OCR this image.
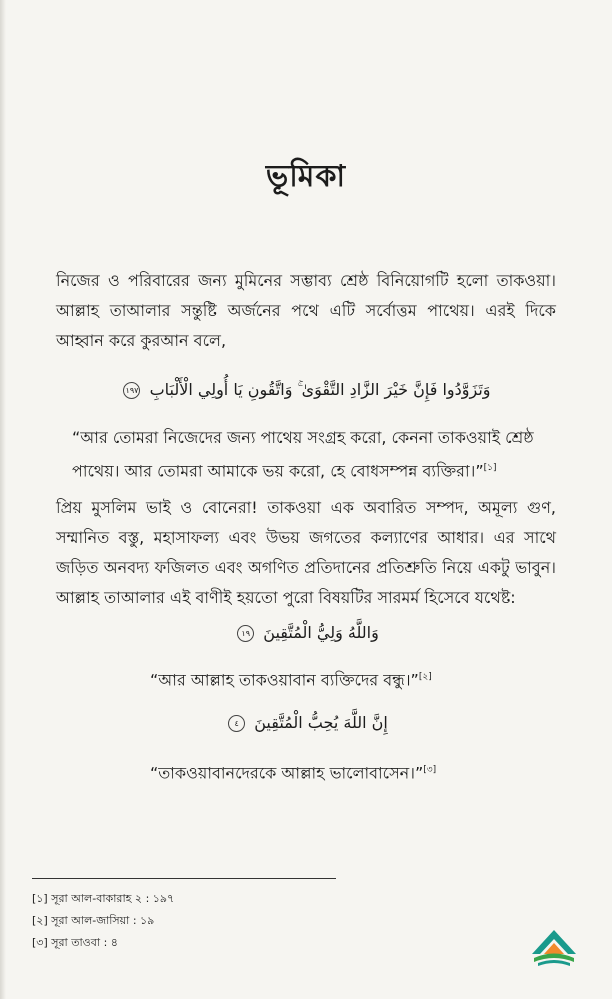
ভূমিকা
নিজের ও পরিবারের জন্য মুমিনের সম্ভাব্য শ্রেষ্ঠ বিনিয়োগটি হলো তাকওয়া। আল্লাহ তাআলার সন্তুষ্টি অর্জনের পথে এটি সর্বোত্তম পাথেয়। এরই দিকে আহ্বান করে কুরআন বলে,
وَتَزَوَّدُوا فَإِنَّ خَيْرَ الزَّادِ التَّقْوَىٰ ۚ وَاتَّقُونِ يَا أُولِي الْأَلْبَابِ ١٩٧
“আর তোমরা নিজেদের জন্য পাথেয় সংগ্রহ করো, কেননা তাকওয়াই শ্রেষ্ঠ পাথেয়। আর তোমরা আমাকে ভয় করো, হে বোধসম্পন্ন ব্যক্তিরা।”[১]
প্রিয় মুসলিম ভাই ও বোনেরা! তাকওয়া এক অবারিত সম্পদ, অমূল্য গুণ, সম্মানিত বস্তু, মহাসাফল্য এবং উভয় জগতের কল্যাণের আধার। এর সাথে জড়িত অনবদ্য ফজিলত এবং অগণিত প্রতিদানের প্রতিশ্রুতি নিয়ে একটু ভাবুন। আল্লাহ তাআলার এই বাণীই হয়তো পুরো বিষয়টির সারমর্ম হিসেবে যথেষ্ট:
وَاللَّهُ وَلِيُّ الْمُتَّقِينَ ١٩
“আর আল্লাহ তাকওয়াবান ব্যক্তিদের বন্ধু।”[২]
إِنَّ اللَّهَ يُحِبُّ الْمُتَّقِينَ ٤
“তাকওয়াবানদেরকে আল্লাহ ভালোবাসেন।”[৩]
[১] সূরা আল-বাকারাহ ২ : ১৯৭
[২] সূরা আল-জাসিয়া : ১৯
[৩] সূরা তাওবা : ৪
